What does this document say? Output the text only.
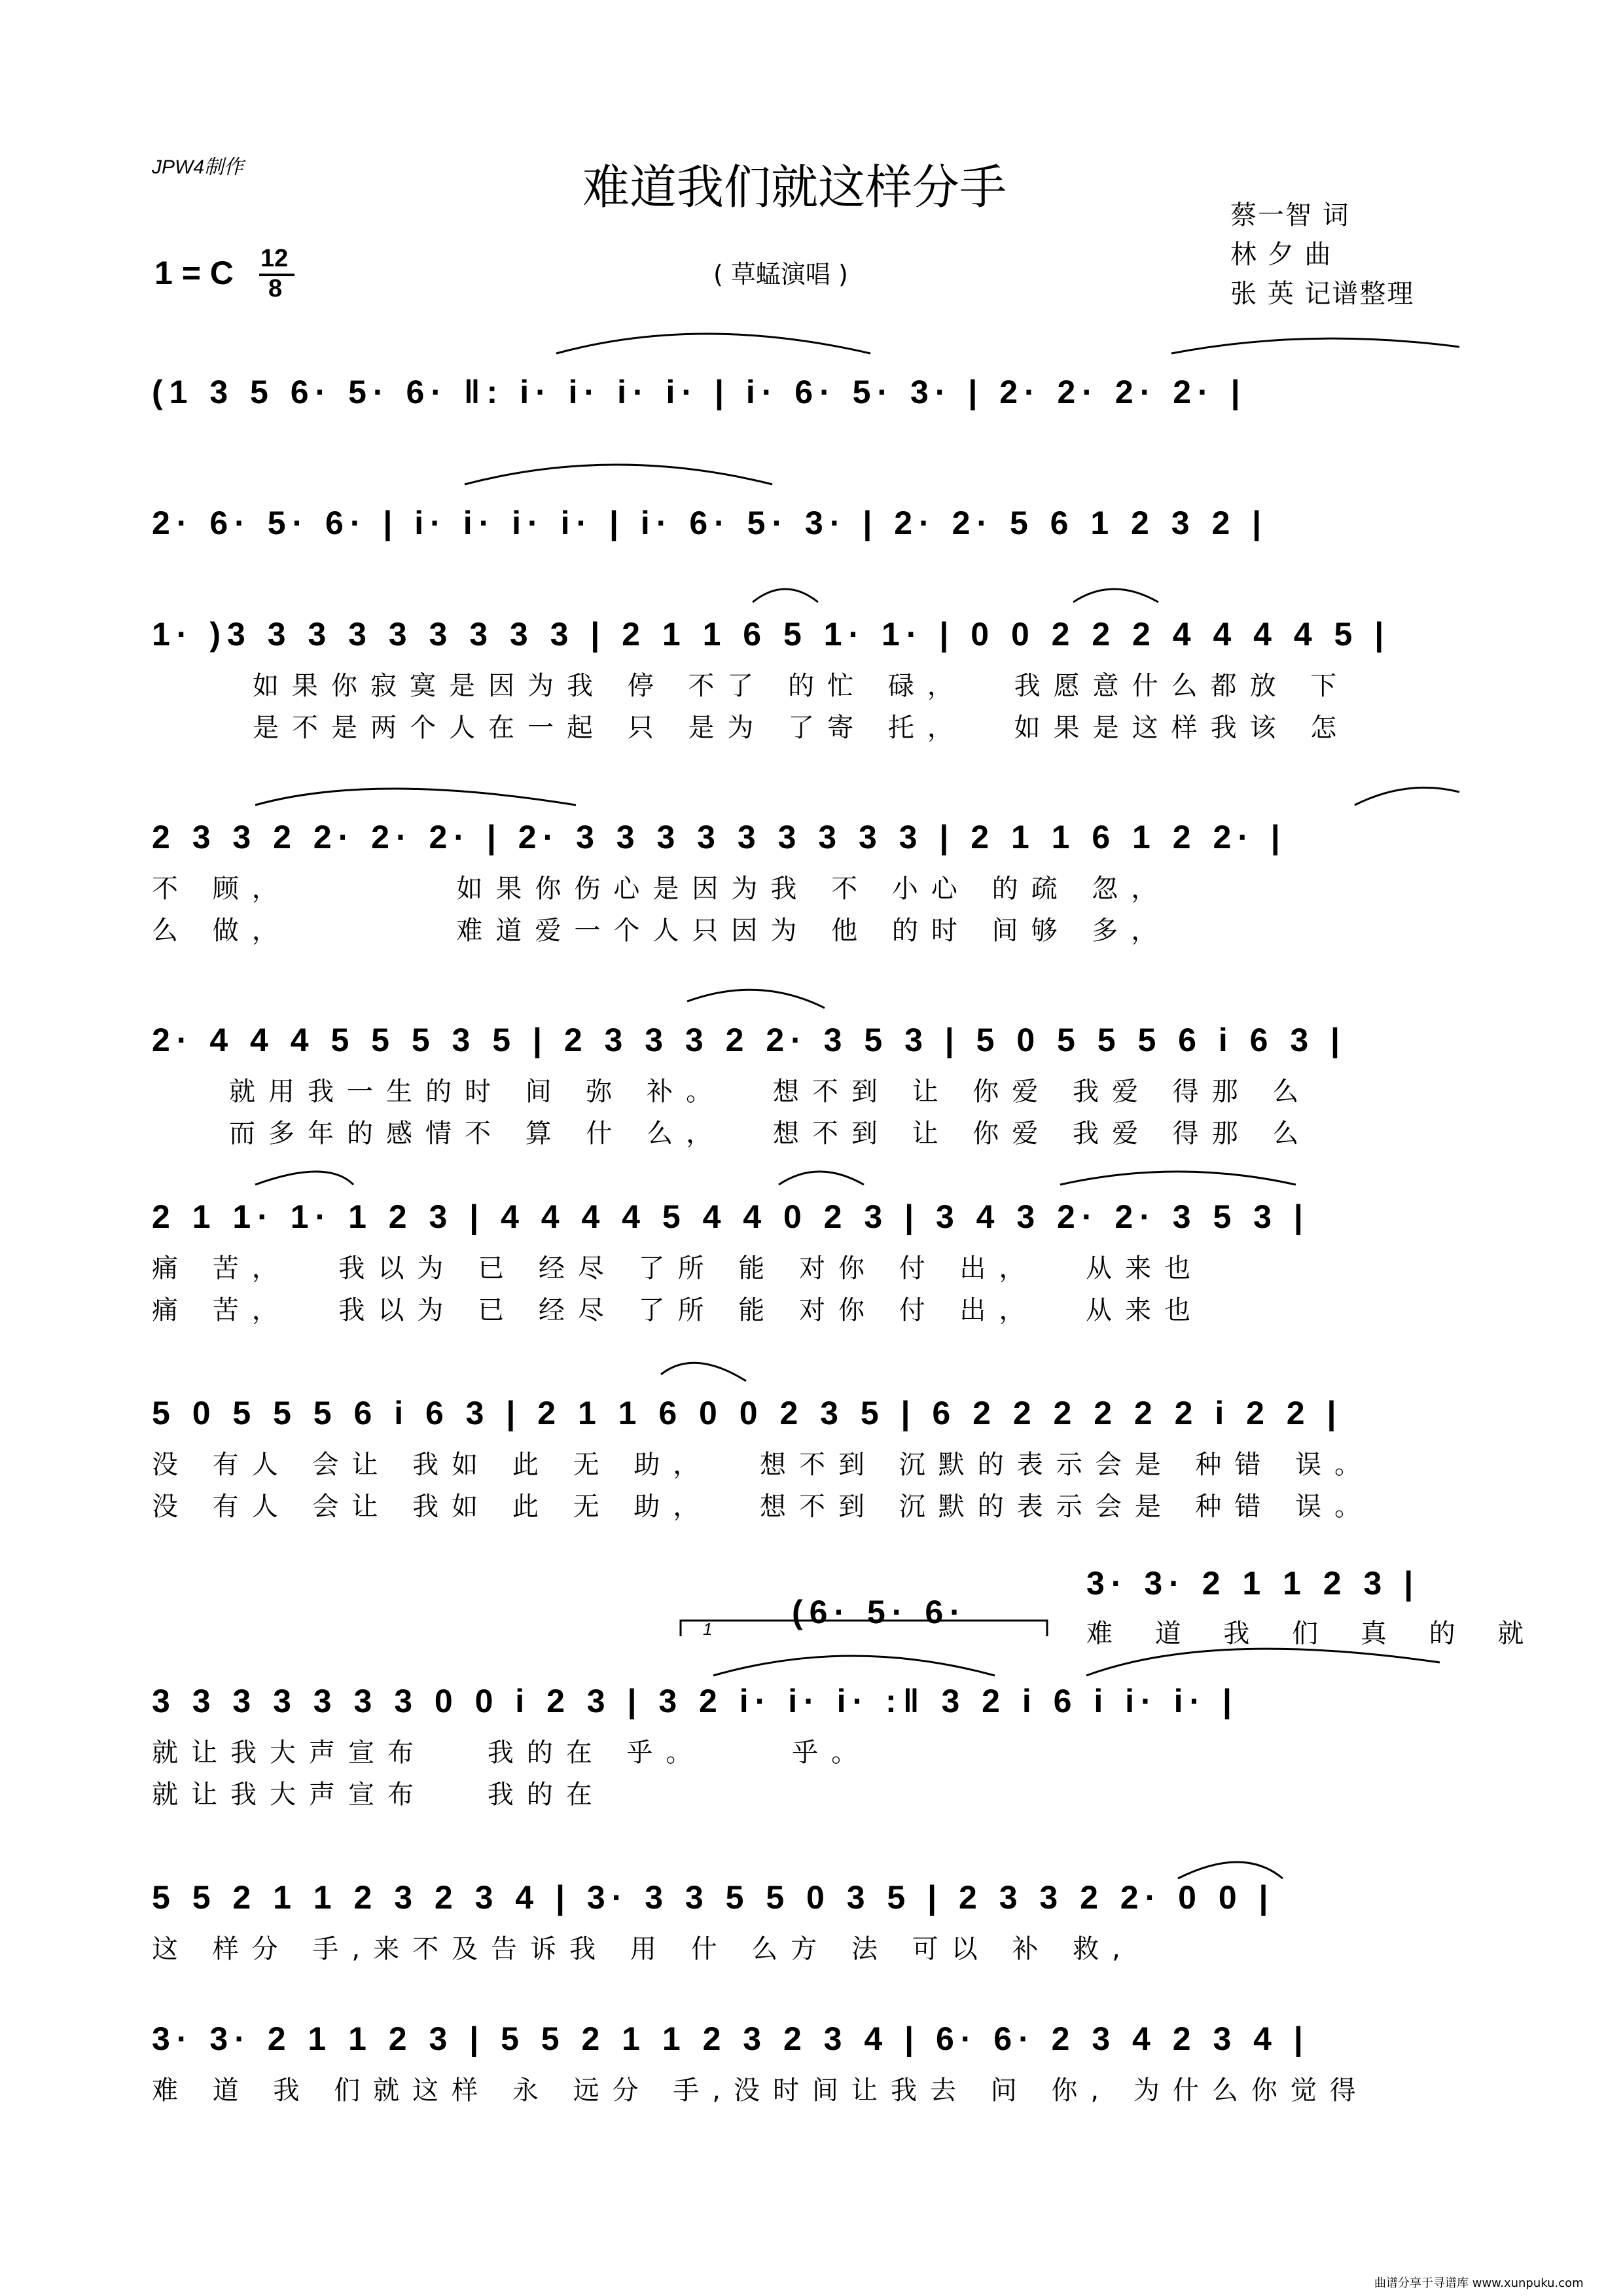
JPW4制作	难道我们就这样分手
蔡一智 词
林 夕 曲
张 英 记谱整理
1 = C 12
8	( 草蜢演唱 )
(1 3 5 6· 5· 6· ‖: i· i· i· i· | i· 6· 5· 3· | 2· 2· 2· 2· |
2· 6· 5· 6· | i· i· i· i· | i· 6· 5· 3· | 2· 2· 5 6 1 2 3 2 |
1· )3 3 3 3 3 3 3 3 3 | 2 1 1 6 5 1· 1· | 0 0 2 2 2 4 4 4 4 5 |
如果你寂寞是因为我 停 不了 的忙 碌，　 我愿意什么都放 下
是不是两个人在一起 只 是为 了寄 托，　 如果是这样我该 怎
2 3 3 2 2· 2· 2· | 2· 3 3 3 3 3 3 3 3 3 | 2 1 1 6 1 2 2· |
不 顾，　　　　 如果你伤心是因为我 不 小心 的疏 忽，
么 做，　　　　 难道爱一个人只因为 他 的时 间够 多，
2· 4 4 4 5 5 5 3 5 | 2 3 3 3 2 2· 3 5 3 | 5 0 5 5 5 6 i 6 3 |
就用我一生的时 间 弥 补。　 想不到 让 你爱 我爱 得那 么
而多年的感情不 算 什 么，　 想不到 让 你爱 我爱 得那 么
2 1 1· 1· 1 2 3 | 4 4 4 4 5 4 4 0 2 3 | 3 4 3 2· 2· 3 5 3 |
痛 苦，　 我以为 已 经尽 了所 能 对你 付 出，　 从来也
痛 苦，　 我以为 已 经尽 了所 能 对你 付 出，　 从来也
5 0 5 5 5 6 i 6 3 | 2 1 1 6 0 0 2 3 5 | 6 2 2 2 2 2 2 i 2 2 |
没 有人 会让 我如 此 无 助，　 想不到 沉默的表示会是 种错 误。
没 有人 会让 我如 此 无 助，　 想不到 沉默的表示会是 种错 误。
(6· 5· 6·
3· 3· 2 1 1 2 3 |
难 道 我 们 真 的 就
1
3 3 3 3 3 3 3 0 0 i 2 3 | 3 2 i· i· i· :‖ 3 2 i 6 i i· i· |
就让我大声宣布　 我的在 乎。　　 乎。
就让我大声宣布　 我的在
5 5 2 1 1 2 3 2 3 4 | 3· 3 3 5 5 0 3 5 | 2 3 3 2 2· 0 0 |
这 样分 手,来不及告诉我 用 什 么方 法 可以 补 救,
3· 3· 2 1 1 2 3 | 5 5 2 1 1 2 3 2 3 4 | 6· 6· 2 3 4 2 3 4 |
难 道 我 们就这样 永 远分 手,没时间让我去 问 你, 为什么你觉得
曲谱分享于寻谱库 www.xunpuku.com
